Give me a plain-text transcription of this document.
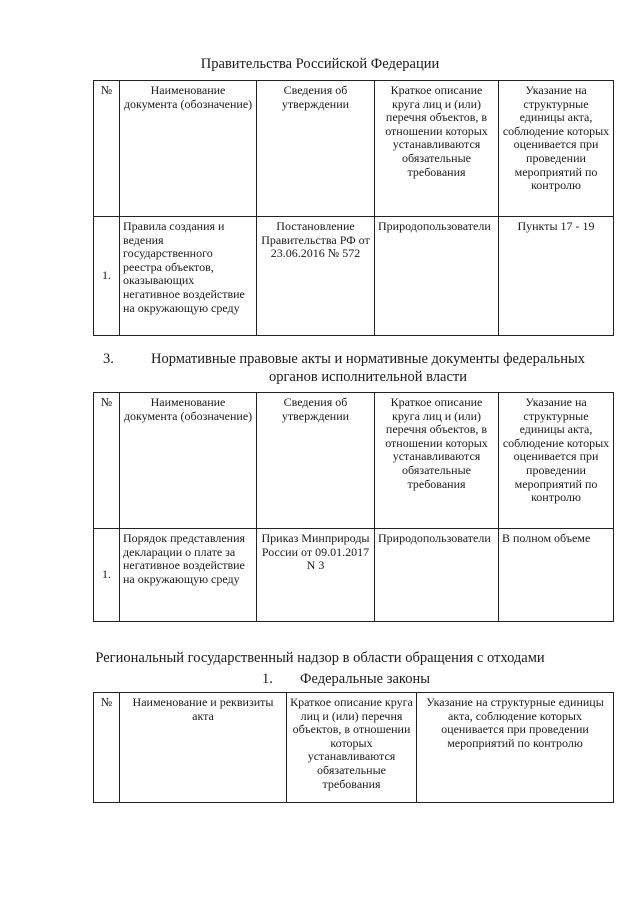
Правительства Российской Федерации
№	Наименование документа (обозначение)	Сведения об утверждении	Краткое описание круга лиц и (или) перечня объектов, в отношении которых устанавливаются обязательные требования	Указание на структурные единицы акта, соблюдение которых оценивается при проведении мероприятий по контролю
1.	Правила создания и ведения государственного реестра объектов, оказывающих негативное воздействие на окружающую среду	Постановление Правительства РФ от 23.06.2016 № 572	Природопользователи	Пункты 17 - 19
3.	Нормативные правовые акты и нормативные документы федеральных органов исполнительной власти
№	Наименование документа (обозначение)	Сведения об утверждении	Краткое описание круга лиц и (или) перечня объектов, в отношении которых устанавливаются обязательные требования	Указание на структурные единицы акта, соблюдение которых оценивается при проведении мероприятий по контролю
1.	Порядок представления декларации о плате за негативное воздействие на окружающую среду	Приказ Минприроды России от 09.01.2017 N 3	Природопользователи	В полном объеме
Региональный государственный надзор в области обращения с отходами
1. Федеральные законы
№	Наименование и реквизиты акта	Краткое описание круга лиц и (или) перечня объектов, в отношении которых устанавливаются обязательные требования	Указание на структурные единицы акта, соблюдение которых оценивается при проведении мероприятий по контролю
